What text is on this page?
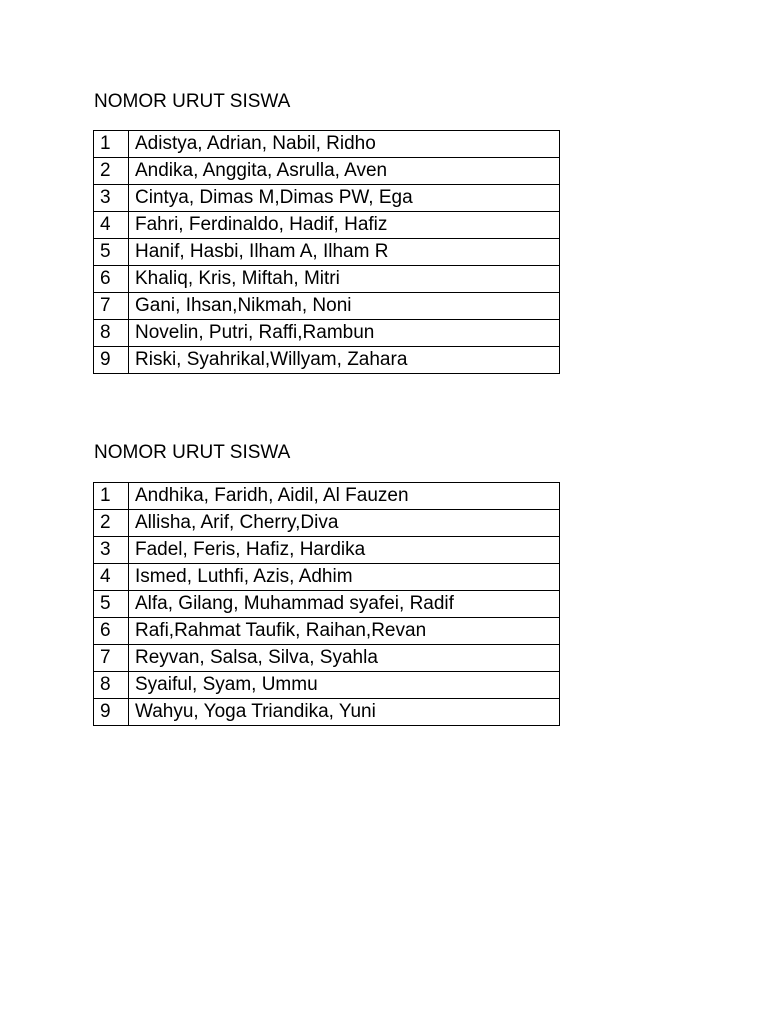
NOMOR URUT SISWA
1	Adistya, Adrian, Nabil, Ridho
2	Andika, Anggita, Asrulla, Aven
3	Cintya, Dimas M,Dimas PW, Ega
4	Fahri, Ferdinaldo, Hadif, Hafiz
5	Hanif, Hasbi, Ilham A, Ilham R
6	Khaliq, Kris, Miftah, Mitri
7	Gani, Ihsan,Nikmah, Noni
8	Novelin, Putri, Raffi,Rambun
9	Riski, Syahrikal,Willyam, Zahara
NOMOR URUT SISWA
1	Andhika, Faridh, Aidil, Al Fauzen
2	Allisha, Arif, Cherry,Diva
3	Fadel, Feris, Hafiz, Hardika
4	Ismed, Luthfi, Azis, Adhim
5	Alfa, Gilang, Muhammad syafei, Radif
6	Rafi,Rahmat Taufik, Raihan,Revan
7	Reyvan, Salsa, Silva, Syahla
8	Syaiful, Syam, Ummu
9	Wahyu, Yoga Triandika, Yuni
